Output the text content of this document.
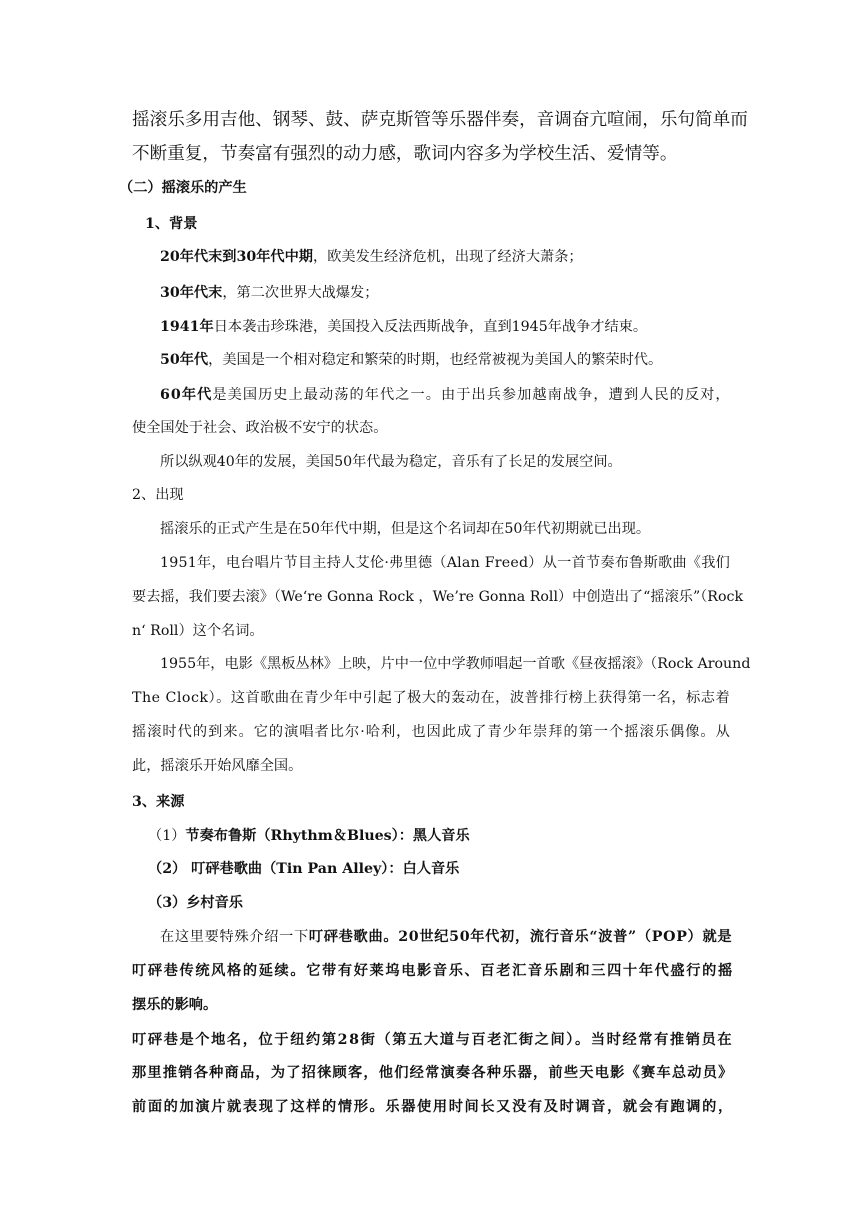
摇滚乐多用吉他、钢琴、鼓、萨克斯管等乐器伴奏，音调奋亢喧闹，乐句简单而
不断重复，节奏富有强烈的动力感，歌词内容多为学校生活、爱情等。
（二）摇滚乐的产生
1、背景
20年代末到30年代中期，欧美发生经济危机，出现了经济大萧条；
30年代末，第二次世界大战爆发；
1941年日本袭击珍珠港，美国投入反法西斯战争，直到1945年战争才结束。
50年代，美国是一个相对稳定和繁荣的时期，也经常被视为美国人的繁荣时代。
60年代是美国历史上最动荡的年代之一。由于出兵参加越南战争，遭到人民的反对，
使全国处于社会、政治极不安宁的状态。
所以纵观40年的发展，美国50年代最为稳定，音乐有了长足的发展空间。
2、出现
摇滚乐的正式产生是在50年代中期，但是这个名词却在50年代初期就已出现。
1951年，电台唱片节目主持人艾伦·弗里德（Alan Freed）从一首节奏布鲁斯歌曲《我们
要去摇，我们要去滚》（We‘re Gonna Rock ，We’re Gonna Roll）中创造出了“摇滚乐”（Rock
n‘ Roll）这个名词。
1955年，电影《黑板丛林》上映，片中一位中学教师唱起一首歌《昼夜摇滚》（Rock Around
The Clock）。这首歌曲在青少年中引起了极大的轰动在，波普排行榜上获得第一名，标志着
摇滚时代的到来。它的演唱者比尔·哈利，也因此成了青少年崇拜的第一个摇滚乐偶像。从
此，摇滚乐开始风靡全国。
3、来源
（1）节奏布鲁斯（Rhythm＆Blues）：黑人音乐
（2） 叮砰巷歌曲（Tin Pan Alley）：白人音乐
（3）乡村音乐
在这里要特殊介绍一下叮砰巷歌曲。20世纪50年代初，流行音乐“波普”（POP）就是
叮砰巷传统风格的延续。它带有好莱坞电影音乐、百老汇音乐剧和三四十年代盛行的摇
摆乐的影响。
叮砰巷是个地名，位于纽约第28街（第五大道与百老汇街之间）。当时经常有推销员在
那里推销各种商品，为了招徕顾客，他们经常演奏各种乐器，前些天电影《赛车总动员》
前面的加演片就表现了这样的情形。乐器使用时间长又没有及时调音，就会有跑调的，
